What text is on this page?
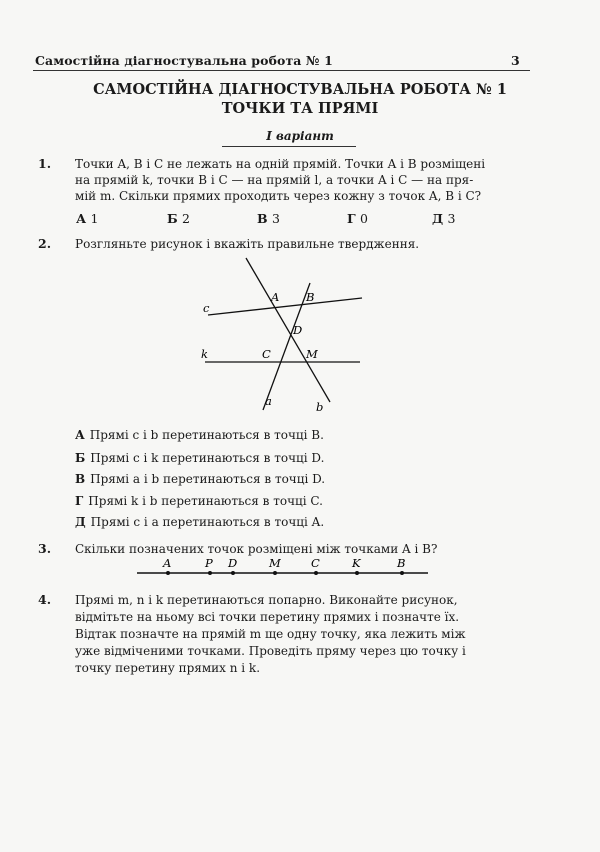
Самостійна діагностувальна робота № 1	3
САМОСТІЙНА ДІАГНОСТУВАЛЬНА РОБОТА № 1
ТОЧКИ ТА ПРЯМІ
І варіант
1. Точки A, B і C не лежать на одній прямій. Точки A і B розміщені
на прямій k, точки B і C — на прямій l, а точки A і C — на пря-
мій m. Скільки прямих проходить через кожну з точок A, B і C?
А 1	Б 2	В 3	Г 0	Д 3
2. Розгляньте рисунок і вкажіть правильне твердження.
c
k
a	b
A B
D
C	M
А Прямі c і b перетинаються в точці B.
Б Прямі c і k перетинаються в точці D.
В Прямі a і b перетинаються в точці D.
Г Прямі k і b перетинаються в точці C.
Д Прямі c і a перетинаються в точці A.
3. Скільки позначених точок розміщені між точками A і B?
A	P D	M	C	K	B
4. Прямі m, n і k перетинаються попарно. Виконайте рисунок,
відмітьте на ньому всі точки перетину прямих і позначте їх.
Відтак позначте на прямій m ще одну точку, яка лежить між
уже відміченими точками. Проведіть пряму через цю точку і
точку перетину прямих n і k.
